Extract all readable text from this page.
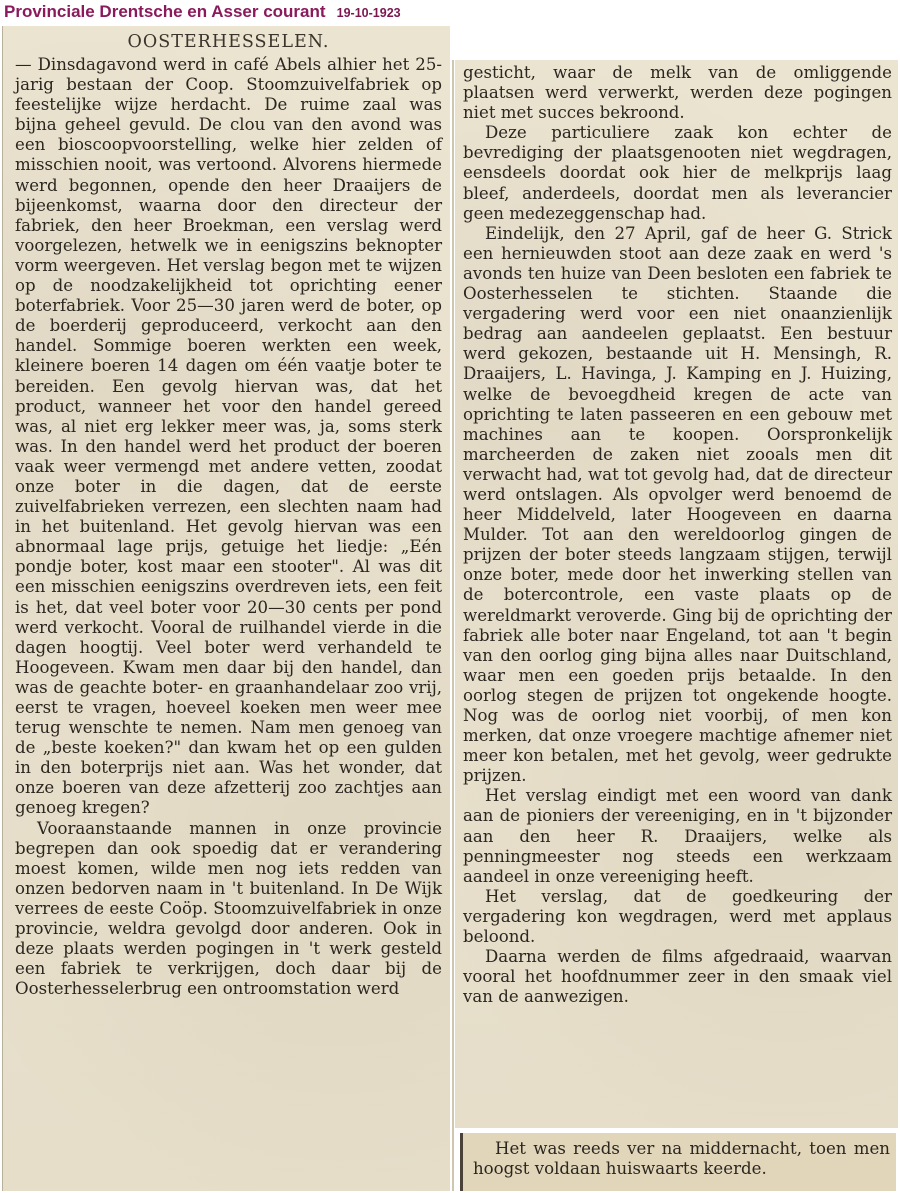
Provinciale Drentsche en Asser courant 19-10-1923
OOSTERHESSELEN.

— Dinsdagavond werd in café Abels alhier het 25-jarig bestaan der Coop. Stoomzuivelfabriek op feestelijke wijze herdacht. De ruime zaal was bijna geheel gevuld. De clou van den avond was een bioscoopvoorstelling, welke hier zelden of misschien nooit, was vertoond. Alvorens hiermede werd begonnen, opende den heer Draaijers de bijeenkomst, waarna door den directeur der fabriek, den heer Broekman, een verslag werd voorgelezen, hetwelk we in eenigszins beknopter vorm weergeven. Het verslag begon met te wijzen op de noodzakelijkheid tot oprichting eener boterfabriek. Voor 25—30 jaren werd de boter, op de boerderij geproduceerd, verkocht aan den handel. Sommige boeren werkten een week, kleinere boeren 14 dagen om één vaatje boter te bereiden. Een gevolg hiervan was, dat het product, wanneer het voor den handel gereed was, al niet erg lekker meer was, ja, soms sterk was. In den handel werd het product der boeren vaak weer vermengd met andere vetten, zoodat onze boter in die dagen, dat de eerste zuivelfabrieken verrezen, een slechten naam had in het buitenland. Het gevolg hiervan was een abnormaal lage prijs, getuige het liedje: „Eén pondje boter, kost maar een stooter". Al was dit een misschien eenigszins overdreven iets, een feit is het, dat veel boter voor 20—30 cents per pond werd verkocht. Vooral de ruilhandel vierde in die dagen hoogtij. Veel boter werd verhandeld te Hoogeveen. Kwam men daar bij den handel, dan was de geachte boter- en graanhandelaar zoo vrij, eerst te vragen, hoeveel koeken men weer mee terug wenschte te nemen. Nam men genoeg van de „beste koeken?" dan kwam het op een gulden in den boterprijs niet aan. Was het wonder, dat onze boeren van deze afzetterij zoo zachtjes aan genoeg kregen?

Vooraanstaande mannen in onze provincie begrepen dan ook spoedig dat er verandering moest komen, wilde men nog iets redden van onzen bedorven naam in 't buitenland. In De Wijk verrees de eeste Coöp. Stoomzuivelfabriek in onze provincie, weldra gevolgd door anderen. Ook in deze plaats werden pogingen in 't werk gesteld een fabriek te verkrijgen, doch daar bij de Oosterhesselerbrug een ontroomstation werd

gesticht, waar de melk van de omliggende plaatsen werd verwerkt, werden deze pogingen niet met succes bekroond.

Deze particuliere zaak kon echter de bevrediging der plaatsgenooten niet wegdragen, eensdeels doordat ook hier de melkprijs laag bleef, anderdeels, doordat men als leverancier geen medezeggenschap had.

Eindelijk, den 27 April, gaf de heer G. Strick een hernieuwden stoot aan deze zaak en werd 's avonds ten huize van Deen besloten een fabriek te Oosterhesselen te stichten. Staande die vergadering werd voor een niet onaanzienlijk bedrag aan aandeelen geplaatst. Een bestuur werd gekozen, bestaande uit H. Mensingh, R. Draaijers, L. Havinga, J. Kamping en J. Huizing, welke de bevoegdheid kregen de acte van oprichting te laten passeeren en een gebouw met machines aan te koopen. Oorspronkelijk marcheerden de zaken niet zooals men dit verwacht had, wat tot gevolg had, dat de directeur werd ontslagen. Als opvolger werd benoemd de heer Middelveld, later Hoogeveen en daarna Mulder. Tot aan den wereldoorlog gingen de prijzen der boter steeds langzaam stijgen, terwijl onze boter, mede door het inwerking stellen van de botercontrole, een vaste plaats op de wereldmarkt veroverde. Ging bij de oprichting der fabriek alle boter naar Engeland, tot aan 't begin van den oorlog ging bijna alles naar Duitschland, waar men een goeden prijs betaalde. In den oorlog stegen de prijzen tot ongekende hoogte. Nog was de oorlog niet voorbij, of men kon merken, dat onze vroegere machtige afnemer niet meer kon betalen, met het gevolg, weer gedrukte prijzen.

Het verslag eindigt met een woord van dank aan de pioniers der vereeniging, en in 't bijzonder aan den heer R. Draaijers, welke als penningmeester nog steeds een werkzaam aandeel in onze vereeniging heeft.

Het verslag, dat de goedkeuring der vergadering kon wegdragen, werd met applaus beloond.

Daarna werden de films afgedraaid, waarvan vooral het hoofdnummer zeer in den smaak viel van de aanwezigen.

Het was reeds ver na middernacht, toen men hoogst voldaan huiswaarts keerde.
